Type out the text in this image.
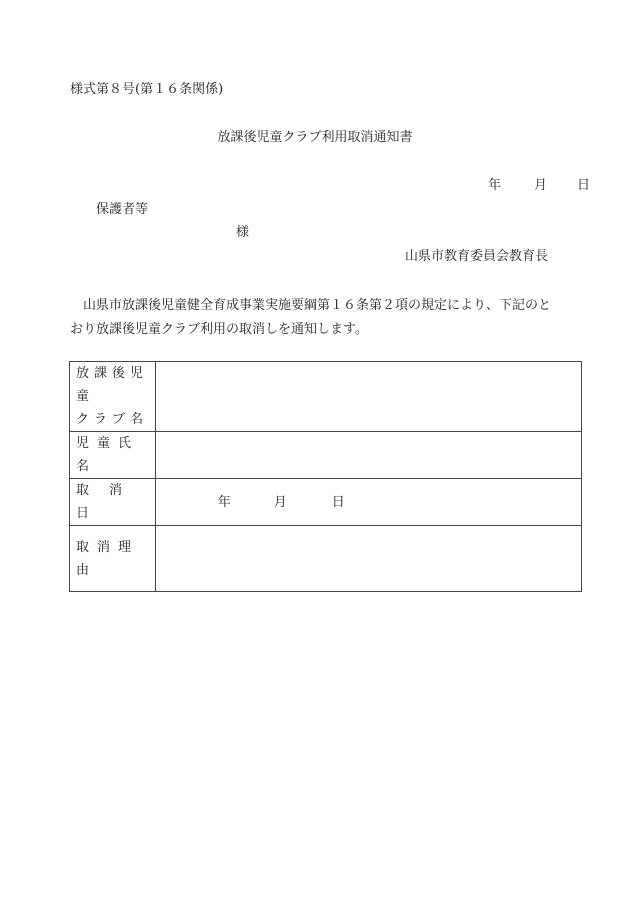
様式第８号(第１６条関係)
放課後児童クラブ利用取消通知書
年	月 日
保護者等
様
山県市教育委員会教育長

山県市放課後児童健全育成事業実施要綱第１６条第２項の規定により、下記のと

おり放課後児童クラブ利用の取消しを通知します。

放課後児童
クラブ名	

児童氏名	

取消日	年 月 日

取消理由	
